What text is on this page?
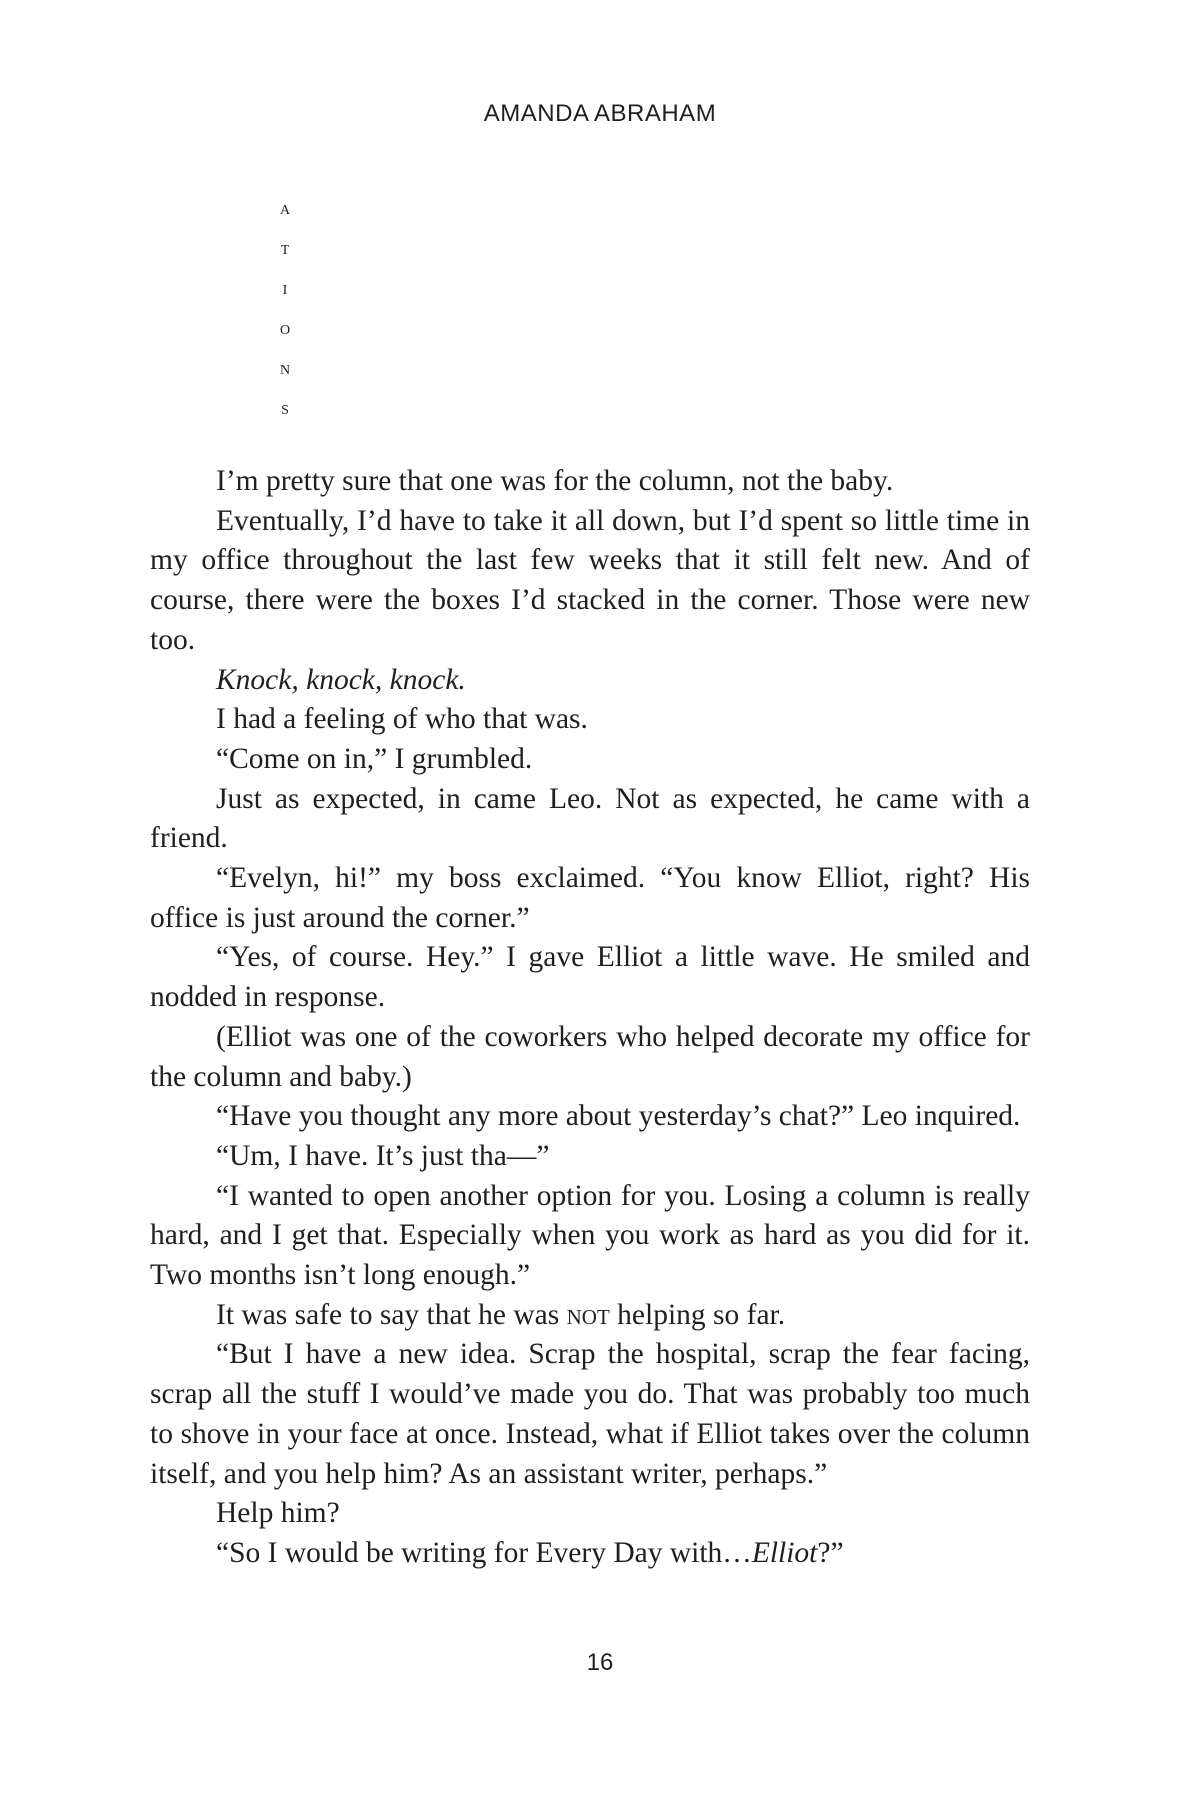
AMANDA ABRAHAM
a
t
i
o
n
s

I’m pretty sure that one was for the column, not the baby.

Eventually, I’d have to take it all down, but I’d spent so little time in my office throughout the last few weeks that it still felt new. And of course, there were the boxes I’d stacked in the corner. Those were new too.

Knock, knock, knock.

I had a feeling of who that was.

“Come on in,” I grumbled.

Just as expected, in came Leo. Not as expected, he came with a friend.

“Evelyn, hi!” my boss exclaimed. “You know Elliot, right? His office is just around the corner.”

“Yes, of course. Hey.” I gave Elliot a little wave. He smiled and nodded in response.

(Elliot was one of the coworkers who helped decorate my office for the column and baby.)

“Have you thought any more about yesterday’s chat?” Leo inquired.

“Um, I have. It’s just tha—”

“I wanted to open another option for you. Losing a column is really hard, and I get that. Especially when you work as hard as you did for it. Two months isn’t long enough.”

It was safe to say that he was not helping so far.

“But I have a new idea. Scrap the hospital, scrap the fear facing, scrap all the stuff I would’ve made you do. That was probably too much to shove in your face at once. Instead, what if Elliot takes over the column itself, and you help him? As an assistant writer, perhaps.”

Help him?

“So I would be writing for Every Day with…Elliot?”

16
